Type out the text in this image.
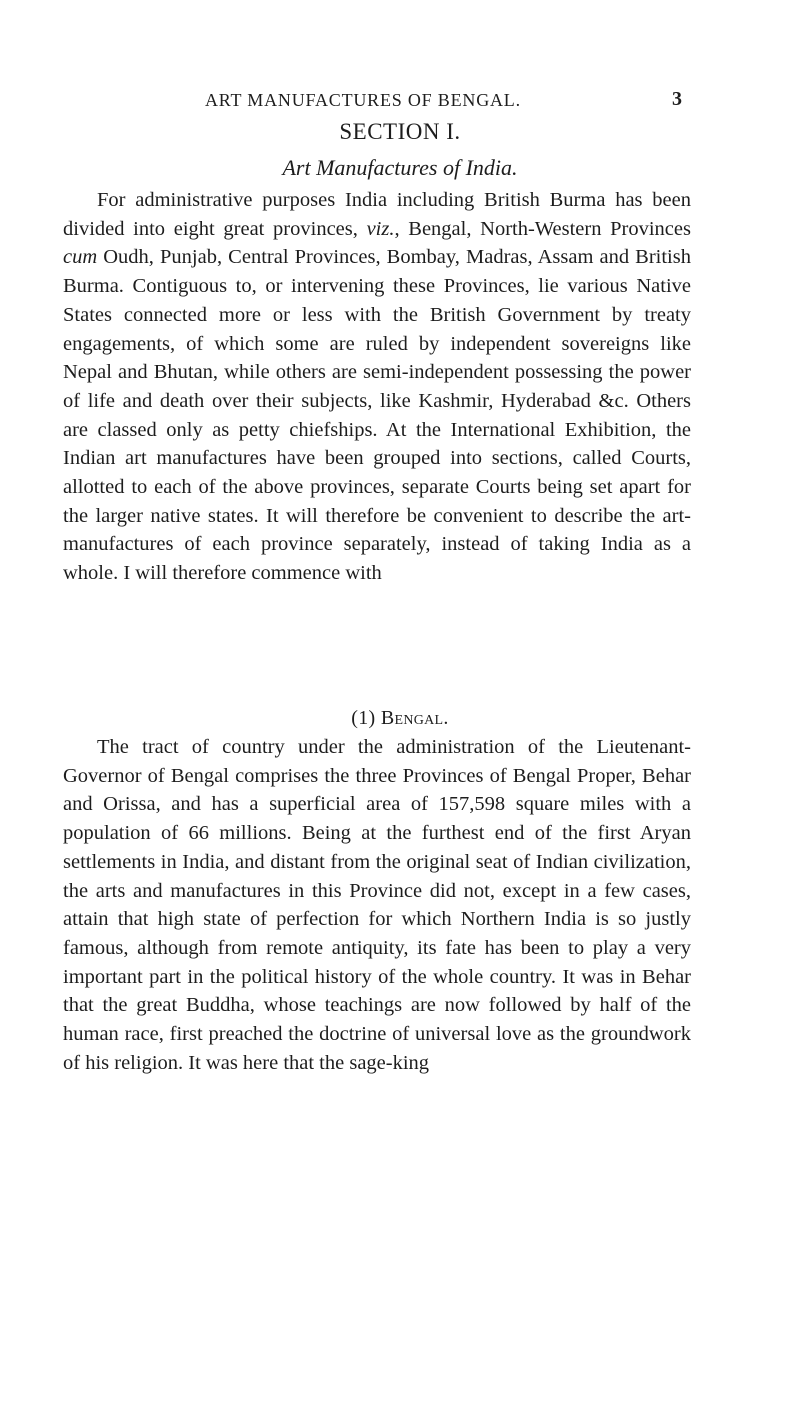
ART MANUFACTURES OF BENGAL.	3
SECTION I.
Art Manufactures of India.

For administrative purposes India including British Burma has been divided into eight great provinces, viz., Bengal, North-Western Provinces cum Oudh, Punjab, Central Provinces, Bombay, Madras, Assam and British Burma. Contiguous to, or intervening these Provinces, lie various Native States connected more or less with the British Government by treaty engagements, of which some are ruled by independent sovereigns like Nepal and Bhutan, while others are semi-independent possessing the power of life and death over their subjects, like Kashmir, Hyderabad &c. Others are classed only as petty chiefships. At the International Exhibition, the Indian art manufactures have been grouped into sections, called Courts, allotted to each of the above provinces, separate Courts being set apart for the larger native states. It will therefore be convenient to describe the art-manufactures of each province separately, instead of taking India as a whole. I will therefore commence with

(1) Bengal.

The tract of country under the administration of the Lieutenant-Governor of Bengal comprises the three Provinces of Bengal Proper, Behar and Orissa, and has a superficial area of 157,598 square miles with a population of 66 millions. Being at the furthest end of the first Aryan settlements in India, and distant from the original seat of Indian civilization, the arts and manufactures in this Province did not, except in a few cases, attain that high state of perfection for which Northern India is so justly famous, although from remote antiquity, its fate has been to play a very important part in the political history of the whole country. It was in Behar that the great Buddha, whose teachings are now followed by half of the human race, first preached the doctrine of universal love as the groundwork of his religion. It was here that the sage-king
